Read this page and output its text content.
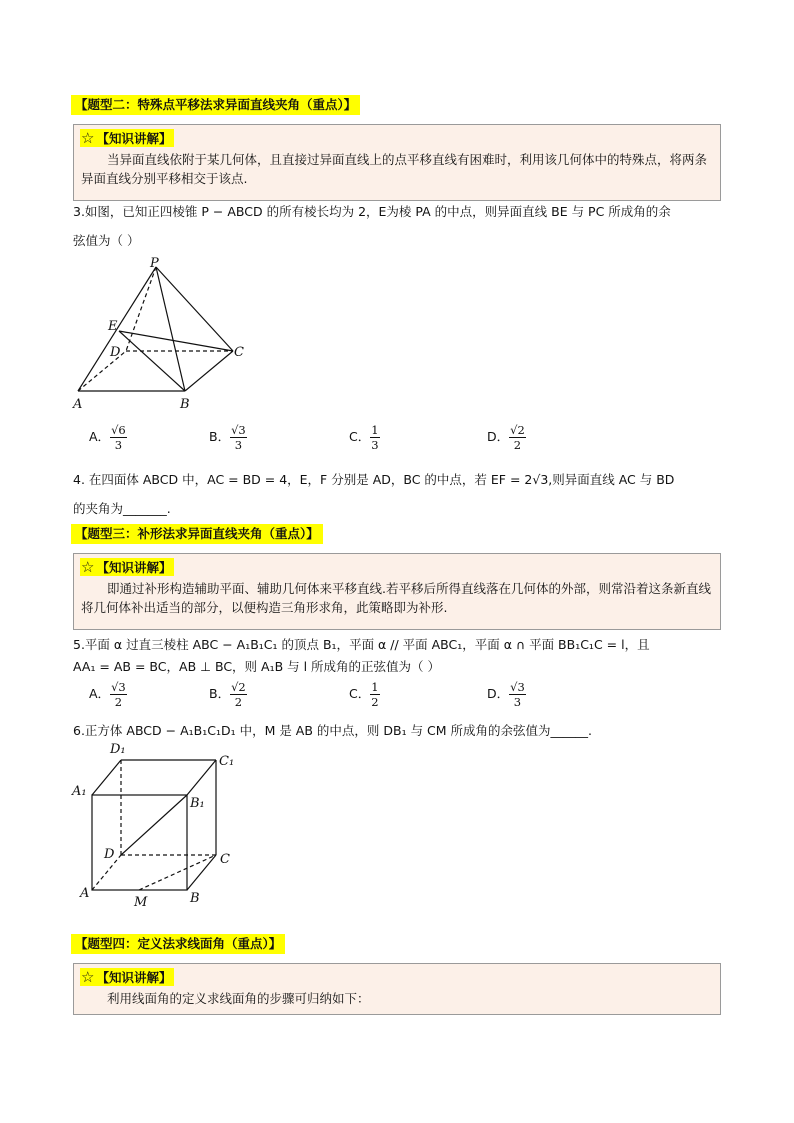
【题型二：特殊点平移法求异面直线夹角（重点）】
☆ 【知识讲解】
当异面直线依附于某几何体，且直接过异面直线上的点平移直线有困难时，利用该几何体中的特殊点，将两条异面直线分别平移相交于该点.
3.如图，已知正四棱锥 P − ABCD 的所有棱长均为 2，E为棱 PA 的中点，则异面直线 BE 与 PC 所成角的余
弦值为（ ）
P
E
D	C
A	B
A． $\frac{√6}{3}$	B． $\frac{√3}{3}$	C． $\frac{1}{3}$	D． $\frac{√2}{2}$
4. 在四面体 ABCD 中，AC = BD = 4，E，F 分别是 AD，BC 的中点，若 EF = 2√3,则异面直线 AC 与 BD
的夹角为_______.
【题型三：补形法求异面直线夹角（重点）】
☆ 【知识讲解】
即通过补形构造辅助平面、辅助几何体来平移直线.若平移后所得直线落在几何体的外部，则常沿着这条新直线将几何体补出适当的部分，以便构造三角形求角，此策略即为补形.
5.平面 α 过直三棱柱 ABC − A₁B₁C₁ 的顶点 B₁，平面 α // 平面 ABC₁，平面 α ∩ 平面 BB₁C₁C = l，且
AA₁ = AB = BC，AB ⊥ BC，则 A₁B 与 l 所成角的正弦值为（ ）
A． $\frac{√3}{2}$	B． $\frac{√2}{2}$	C． $\frac{1}{2}$	D． $\frac{√3}{3}$
6.正方体 ABCD − A₁B₁C₁D₁ 中，M 是 AB 的中点，则 DB₁ 与 CM 所成角的余弦值为______.
D₁
C₁
A₁
B₁
D	C
A
M	B
【题型四：定义法求线面角（重点）】
☆ 【知识讲解】
利用线面角的定义求线面角的步骤可归纳如下：
